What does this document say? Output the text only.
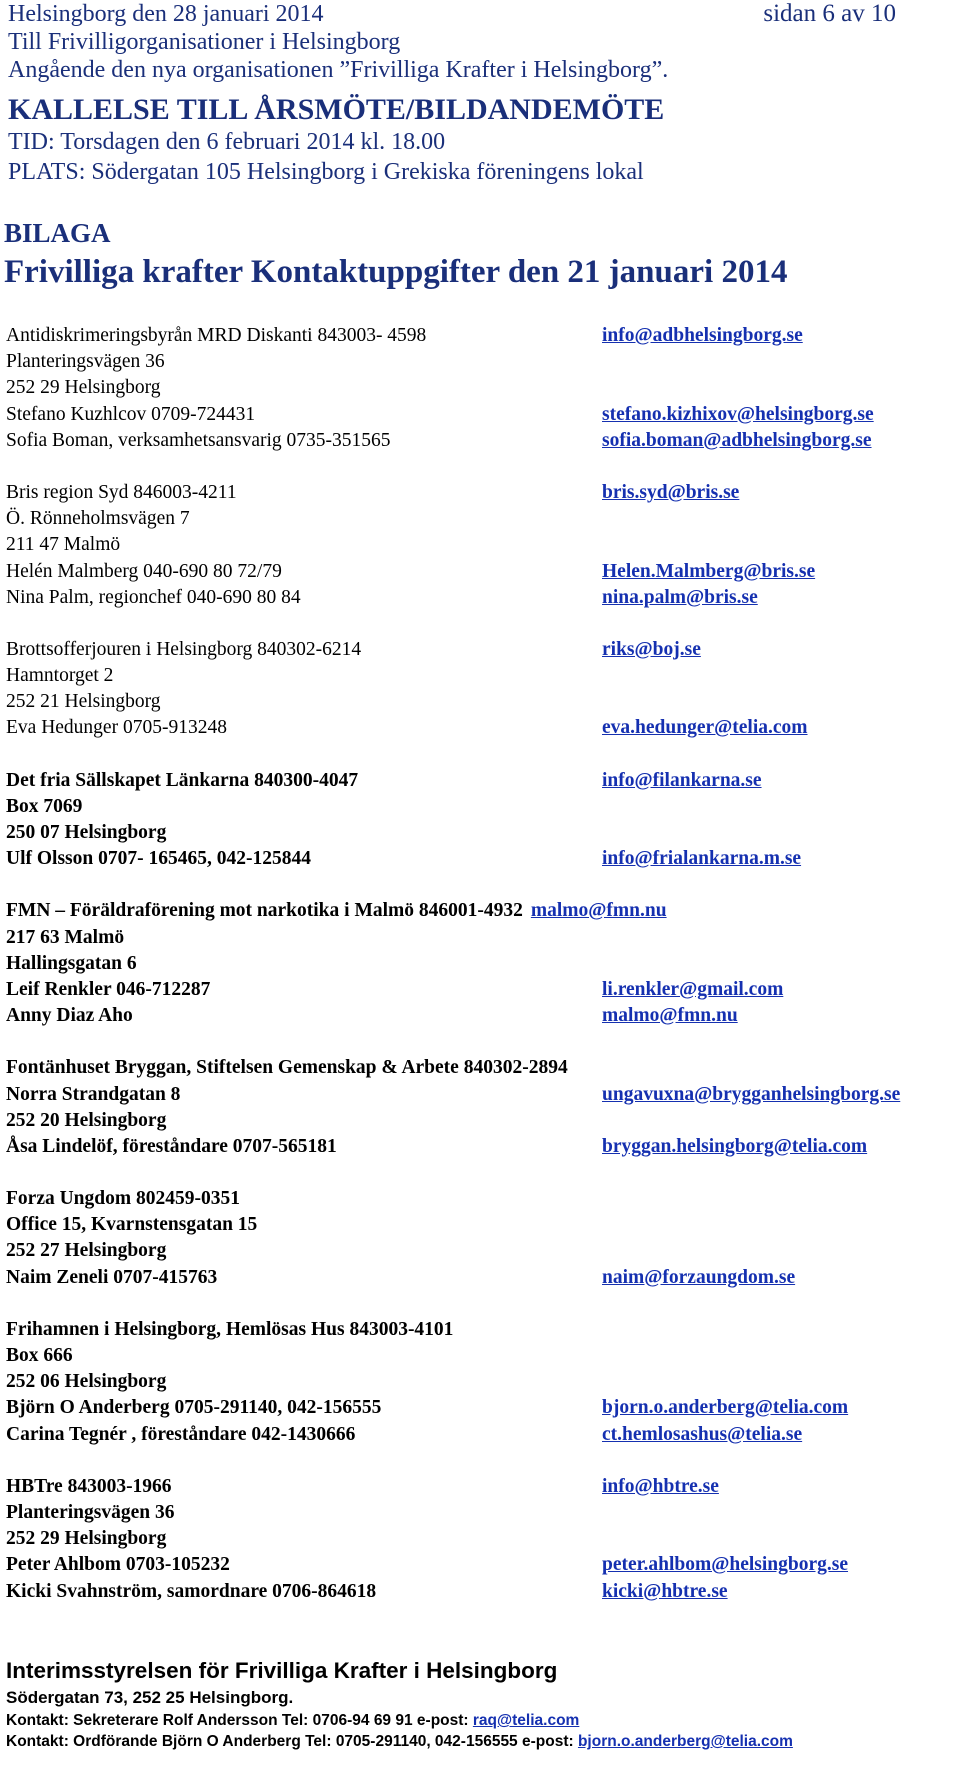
Helsingborg den 28 januari 2014	sidan 6 av 10
Till Frivilligorganisationer i Helsingborg
Angående den nya organisationen ”Frivilliga Krafter i Helsingborg”.
KALLELSE TILL ÅRSMÖTE/BILDANDEMÖTE
TID: Torsdagen den 6 februari 2014 kl. 18.00
PLATS: Södergatan 105 Helsingborg i Grekiska föreningens lokal
BILAGA
Frivilliga krafter Kontaktuppgifter den 21 januari 2014
Antidiskrimeringsbyrån MRD Diskanti 843003- 4598	info@adbhelsingborg.se
Planteringsvägen 36
252 29 Helsingborg
Stefano Kuzhlcov 0709-724431	stefano.kizhixov@helsingborg.se
Sofia Boman, verksamhetsansvarig 0735-351565	sofia.boman@adbhelsingborg.se
Bris region Syd 846003-4211	bris.syd@bris.se
Ö. Rönneholmsvägen 7
211 47 Malmö
Helén Malmberg 040-690 80 72/79	Helen.Malmberg@bris.se
Nina Palm, regionchef 040-690 80 84	nina.palm@bris.se
Brottsofferjouren i Helsingborg 840302-6214	riks@boj.se
Hamntorget 2
252 21 Helsingborg
Eva Hedunger 0705-913248	eva.hedunger@telia.com
Det fria Sällskapet Länkarna 840300-4047	info@filankarna.se
Box 7069
250 07 Helsingborg
Ulf Olsson 0707- 165465, 042-125844	info@frialankarna.m.se
FMN – Föräldraförening mot narkotika i Malmö 846001-4932 malmo@fmn.nu
217 63 Malmö
Hallingsgatan 6
Leif Renkler 046-712287	li.renkler@gmail.com
Anny Diaz Aho	malmo@fmn.nu
Fontänhuset Bryggan, Stiftelsen Gemenskap & Arbete 840302-2894
Norra Strandgatan 8	ungavuxna@brygganhelsingborg.se
252 20 Helsingborg
Åsa Lindelöf, föreståndare 0707-565181	bryggan.helsingborg@telia.com
Forza Ungdom 802459-0351
Office 15, Kvarnstensgatan 15
252 27 Helsingborg
Naim Zeneli 0707-415763	naim@forzaungdom.se
Frihamnen i Helsingborg, Hemlösas Hus 843003-4101
Box 666
252 06 Helsingborg
Björn O Anderberg 0705-291140, 042-156555	bjorn.o.anderberg@telia.com
Carina Tegnér , föreståndare 042-1430666	ct.hemlosashus@telia.se
HBTre 843003-1966	info@hbtre.se
Planteringsvägen 36
252 29 Helsingborg
Peter Ahlbom 0703-105232	peter.ahlbom@helsingborg.se
Kicki Svahnström, samordnare 0706-864618	kicki@hbtre.se
Interimsstyrelsen för Frivilliga Krafter i Helsingborg
Södergatan 73, 252 25 Helsingborg.
Kontakt: Sekreterare Rolf Andersson Tel: 0706-94 69 91 e-post: raq@telia.com
Kontakt: Ordförande Björn O Anderberg Tel: 0705-291140, 042-156555 e-post: bjorn.o.anderberg@telia.com
